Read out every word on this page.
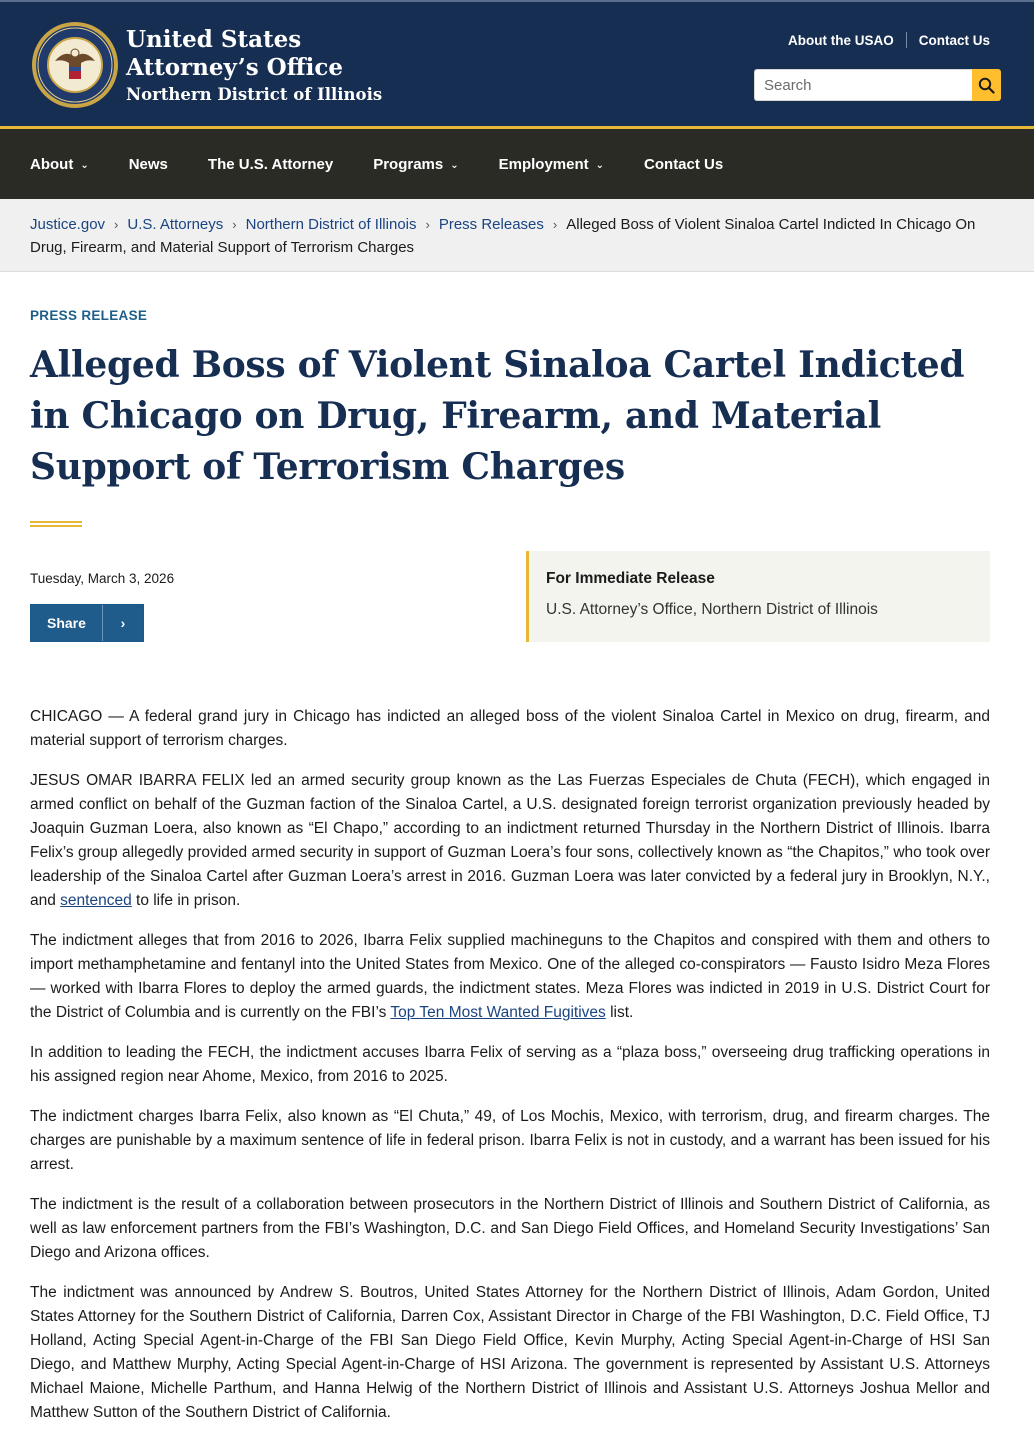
United States
Attorney’s Office
Northern District of Illinois
About the USAO Contact Us
Search
About ⌄	News	The U.S. Attorney	Programs ⌄	Employment ⌄	Contact Us
Justice.gov › U.S. Attorneys › Northern District of Illinois › Press Releases › Alleged Boss of Violent Sinaloa Cartel Indicted In Chicago On Drug, Firearm, and Material Support of Terrorism Charges
PRESS RELEASE
Alleged Boss of Violent Sinaloa Cartel Indicted in Chicago on Drug, Firearm, and Material Support of Terrorism Charges
Tuesday, March 3, 2026
Share	›
For Immediate Release
U.S. Attorney’s Office, Northern District of Illinois

CHICAGO — A federal grand jury in Chicago has indicted an alleged boss of the violent Sinaloa Cartel in Mexico on drug, firearm, and material support of terrorism charges.

JESUS OMAR IBARRA FELIX led an armed security group known as the Las Fuerzas Especiales de Chuta (FECH), which engaged in armed conflict on behalf of the Guzman faction of the Sinaloa Cartel, a U.S. designated foreign terrorist organization previously headed by Joaquin Guzman Loera, also known as “El Chapo,” according to an indictment returned Thursday in the Northern District of Illinois. Ibarra Felix’s group allegedly provided armed security in support of Guzman Loera’s four sons, collectively known as “the Chapitos,” who took over leadership of the Sinaloa Cartel after Guzman Loera’s arrest in 2016. Guzman Loera was later convicted by a federal jury in Brooklyn, N.Y., and sentenced to life in prison.

The indictment alleges that from 2016 to 2026, Ibarra Felix supplied machineguns to the Chapitos and conspired with them and others to import methamphetamine and fentanyl into the United States from Mexico. One of the alleged co-conspirators — Fausto Isidro Meza Flores — worked with Ibarra Flores to deploy the armed guards, the indictment states. Meza Flores was indicted in 2019 in U.S. District Court for the District of Columbia and is currently on the FBI’s Top Ten Most Wanted Fugitives list.

In addition to leading the FECH, the indictment accuses Ibarra Felix of serving as a “plaza boss,” overseeing drug trafficking operations in his assigned region near Ahome, Mexico, from 2016 to 2025.

The indictment charges Ibarra Felix, also known as “El Chuta,” 49, of Los Mochis, Mexico, with terrorism, drug, and firearm charges. The charges are punishable by a maximum sentence of life in federal prison. Ibarra Felix is not in custody, and a warrant has been issued for his arrest.

The indictment is the result of a collaboration between prosecutors in the Northern District of Illinois and Southern District of California, as well as law enforcement partners from the FBI’s Washington, D.C. and San Diego Field Offices, and Homeland Security Investigations’ San Diego and Arizona offices.

The indictment was announced by Andrew S. Boutros, United States Attorney for the Northern District of Illinois, Adam Gordon, United States Attorney for the Southern District of California, Darren Cox, Assistant Director in Charge of the FBI Washington, D.C. Field Office, TJ Holland, Acting Special Agent-in-Charge of the FBI San Diego Field Office, Kevin Murphy, Acting Special Agent-in-Charge of HSI San Diego, and Matthew Murphy, Acting Special Agent-in-Charge of HSI Arizona. The government is represented by Assistant U.S. Attorneys Michael Maione, Michelle Parthum, and Hanna Helwig of the Northern District of Illinois and Assistant U.S. Attorneys Joshua Mellor and Matthew Sutton of the Southern District of California.
